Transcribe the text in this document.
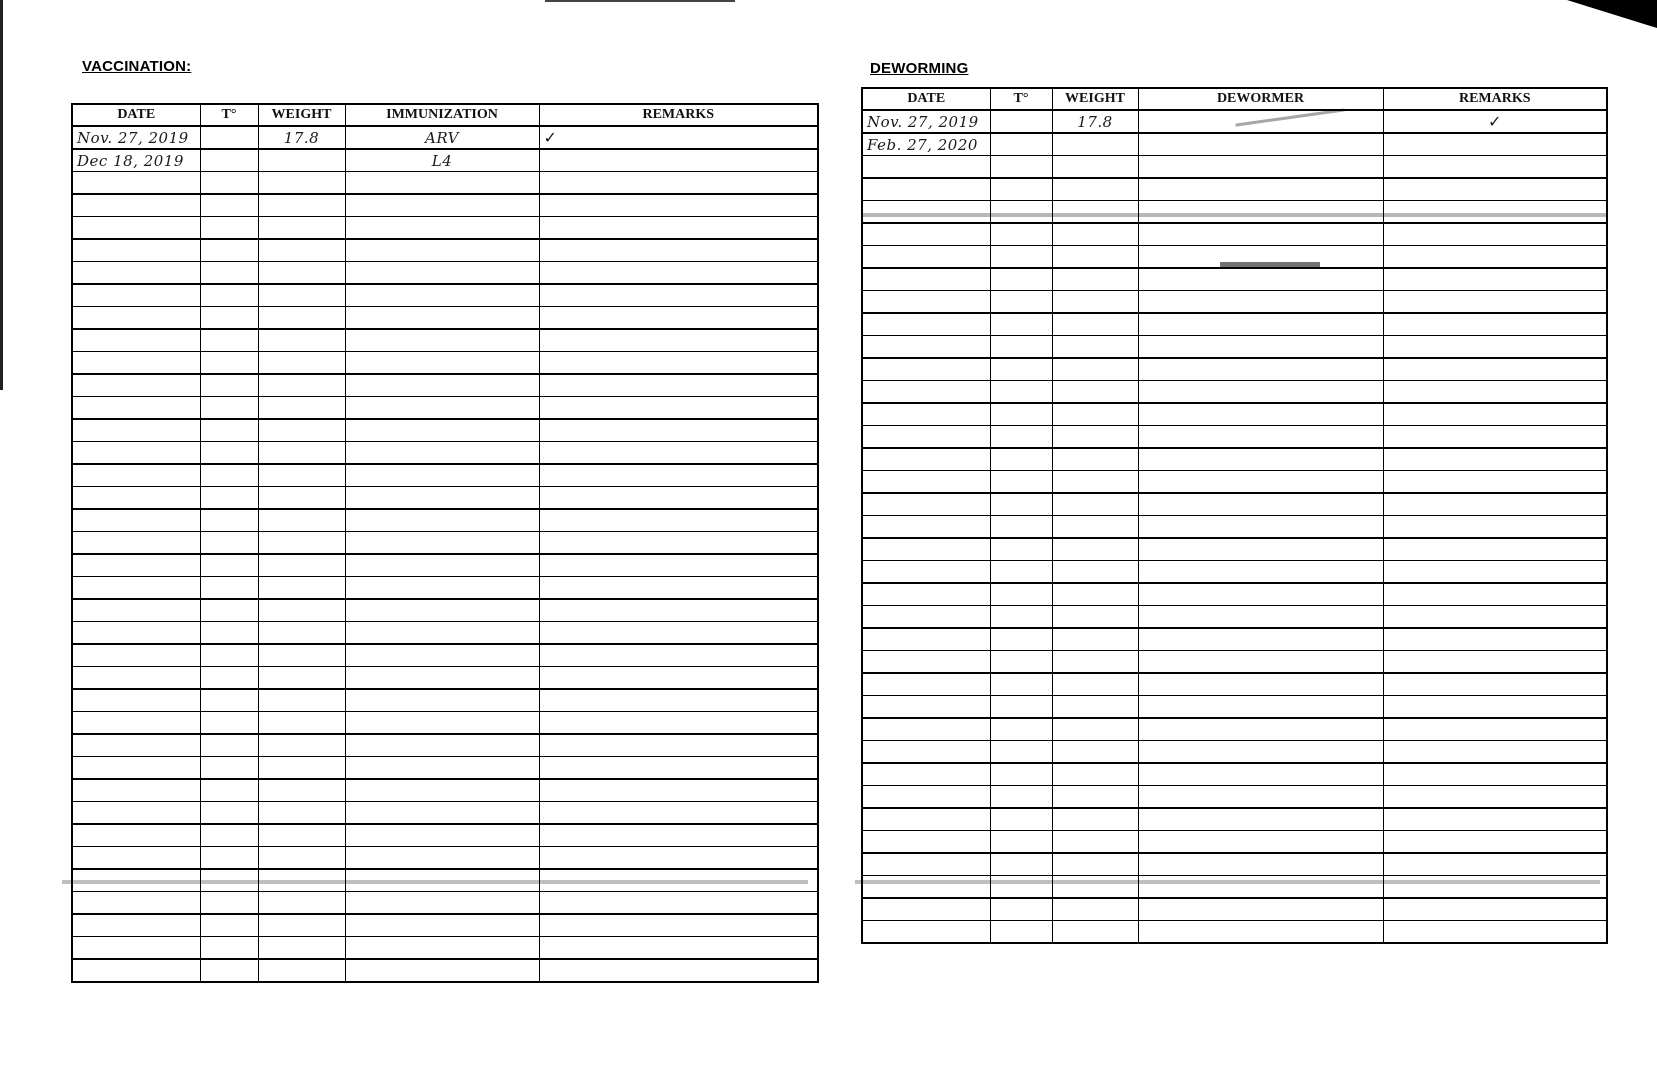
VACCINATION:
DATE	T°	WEIGHT	IMMUNIZATION	REMARKS
Nov. 27, 2019		17.8	ARV	✓
Dec 18, 2019			L4	

DEWORMING
DATE	T°	WEIGHT	DEWORMER	REMARKS
Nov. 27, 2019		17.8		✓
Feb. 27, 2020				
